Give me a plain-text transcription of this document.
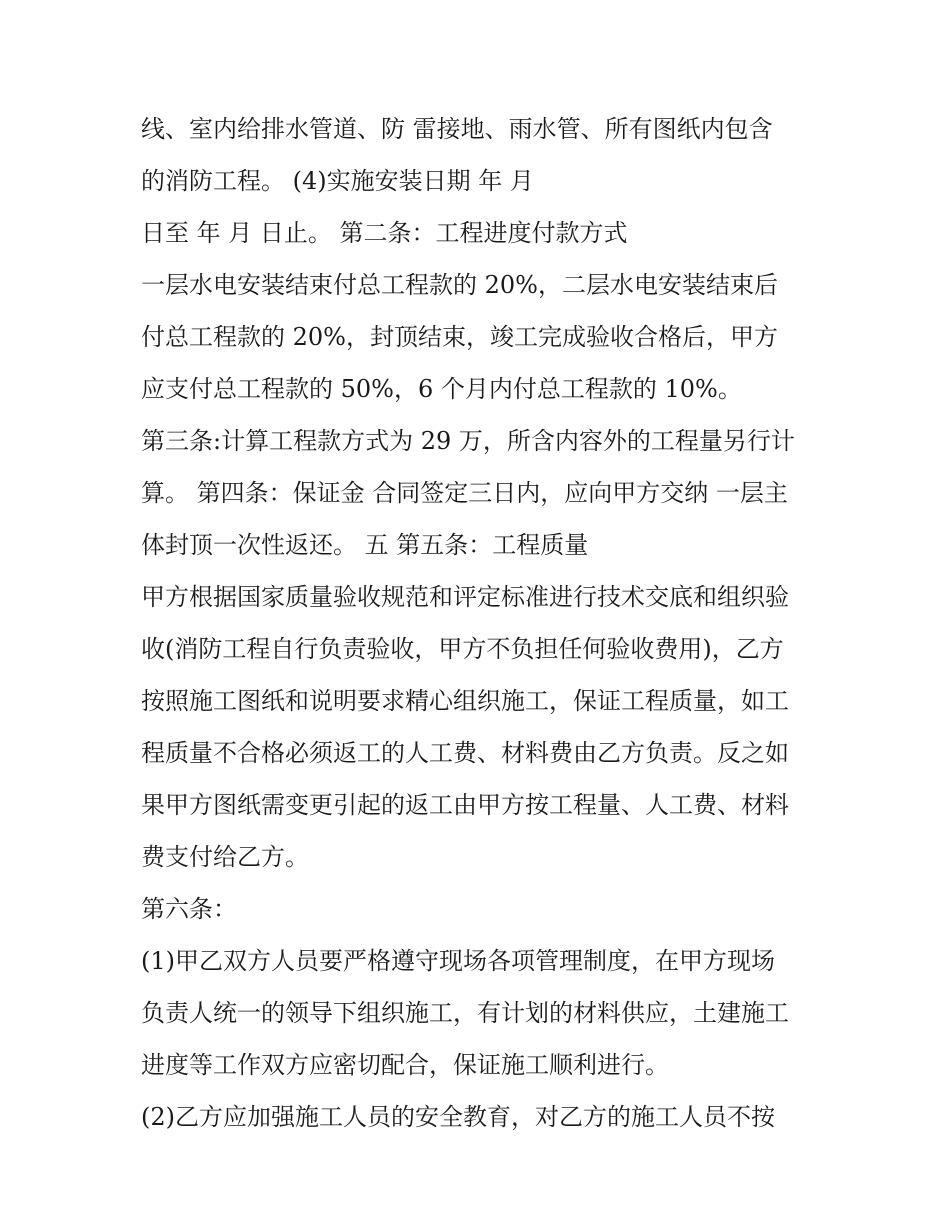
线、室内给排水管道、防 雷接地、雨水管、所有图纸内包含
的消防工程。 (4)实施安装日期 年 月
日至 年 月 日止。 第二条：工程进度付款方式
一层水电安装结束付总工程款的 20%，二层水电安装结束后
付总工程款的 20%，封顶结束，竣工完成验收合格后，甲方
应支付总工程款的 50%，6 个月内付总工程款的 10%。
第三条:计算工程款方式为 29 万，所含内容外的工程量另行计
算。 第四条：保证金 合同签定三日内，应向甲方交纳 一层主
体封顶一次性返还。 五 第五条：工程质量
甲方根据国家质量验收规范和评定标准进行技术交底和组织验
收(消防工程自行负责验收，甲方不负担任何验收费用)，乙方
按照施工图纸和说明要求精心组织施工，保证工程质量，如工
程质量不合格必须返工的人工费、材料费由乙方负责。反之如
果甲方图纸需变更引起的返工由甲方按工程量、人工费、材料
费支付给乙方。
第六条：
(1)甲乙双方人员要严格遵守现场各项管理制度，在甲方现场
负责人统一的领导下组织施工，有计划的材料供应，土建施工
进度等工作双方应密切配合，保证施工顺利进行。
(2)乙方应加强施工人员的安全教育，对乙方的施工人员不按
